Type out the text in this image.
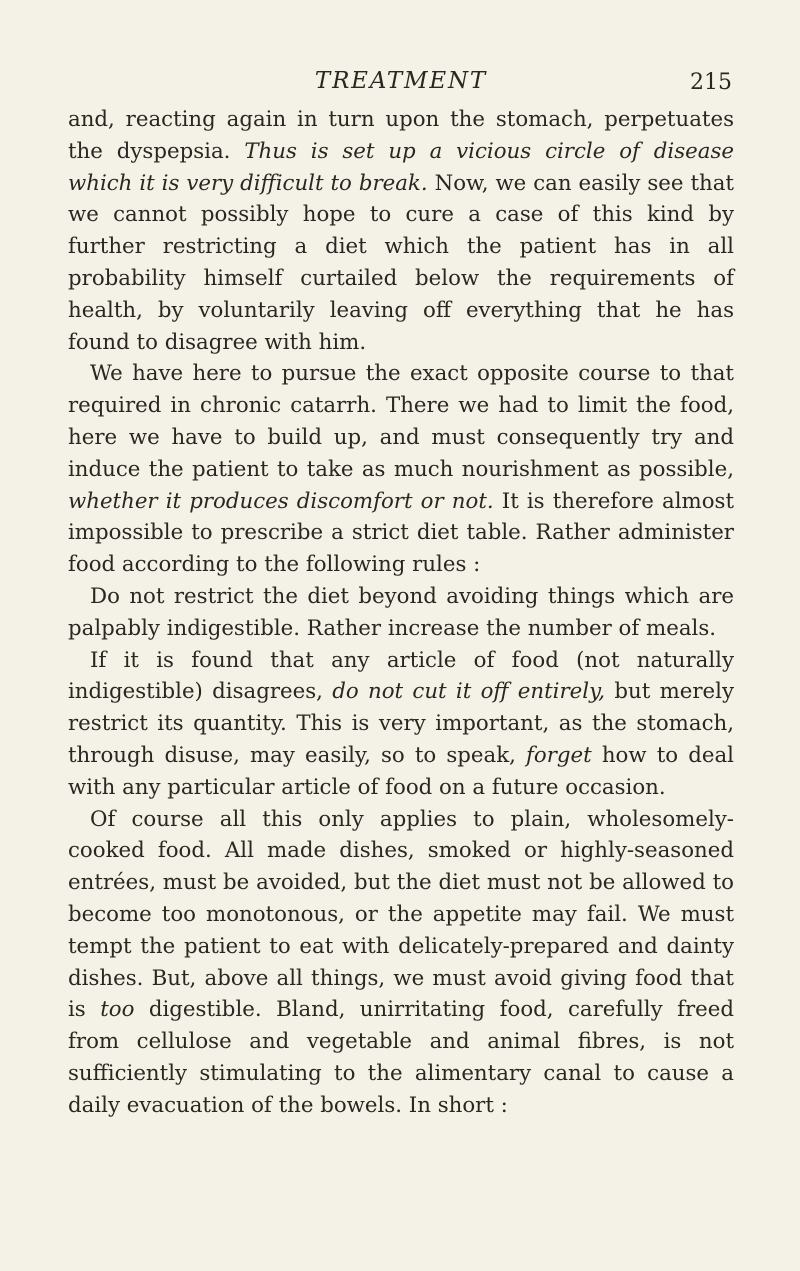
TREATMENT	215

and, reacting again in turn upon the stomach, perpetuates the dyspepsia. Thus is set up a vicious circle of disease which it is very difficult to break. Now, we can easily see that we cannot possibly hope to cure a case of this kind by further restricting a diet which the patient has in all probability himself curtailed below the requirements of health, by voluntarily leaving off everything that he has found to disagree with him.

We have here to pursue the exact opposite course to that required in chronic catarrh. There we had to limit the food, here we have to build up, and must consequently try and induce the patient to take as much nourishment as possible, whether it produces discomfort or not. It is therefore almost impossible to prescribe a strict diet table. Rather administer food according to the following rules :

Do not restrict the diet beyond avoiding things which are palpably indigestible. Rather increase the number of meals.

If it is found that any article of food (not naturally indigestible) disagrees, do not cut it off entirely, but merely restrict its quantity. This is very important, as the stomach, through disuse, may easily, so to speak, forget how to deal with any particular article of food on a future occasion.

Of course all this only applies to plain, wholesomely-cooked food. All made dishes, smoked or highly-seasoned entrées, must be avoided, but the diet must not be allowed to become too monotonous, or the appetite may fail. We must tempt the patient to eat with delicately-prepared and dainty dishes. But, above all things, we must avoid giving food that is too digestible. Bland, unirritating food, carefully freed from cellulose and vegetable and animal fibres, is not sufficiently stimulating to the alimentary canal to cause a daily evacuation of the bowels. In short :
